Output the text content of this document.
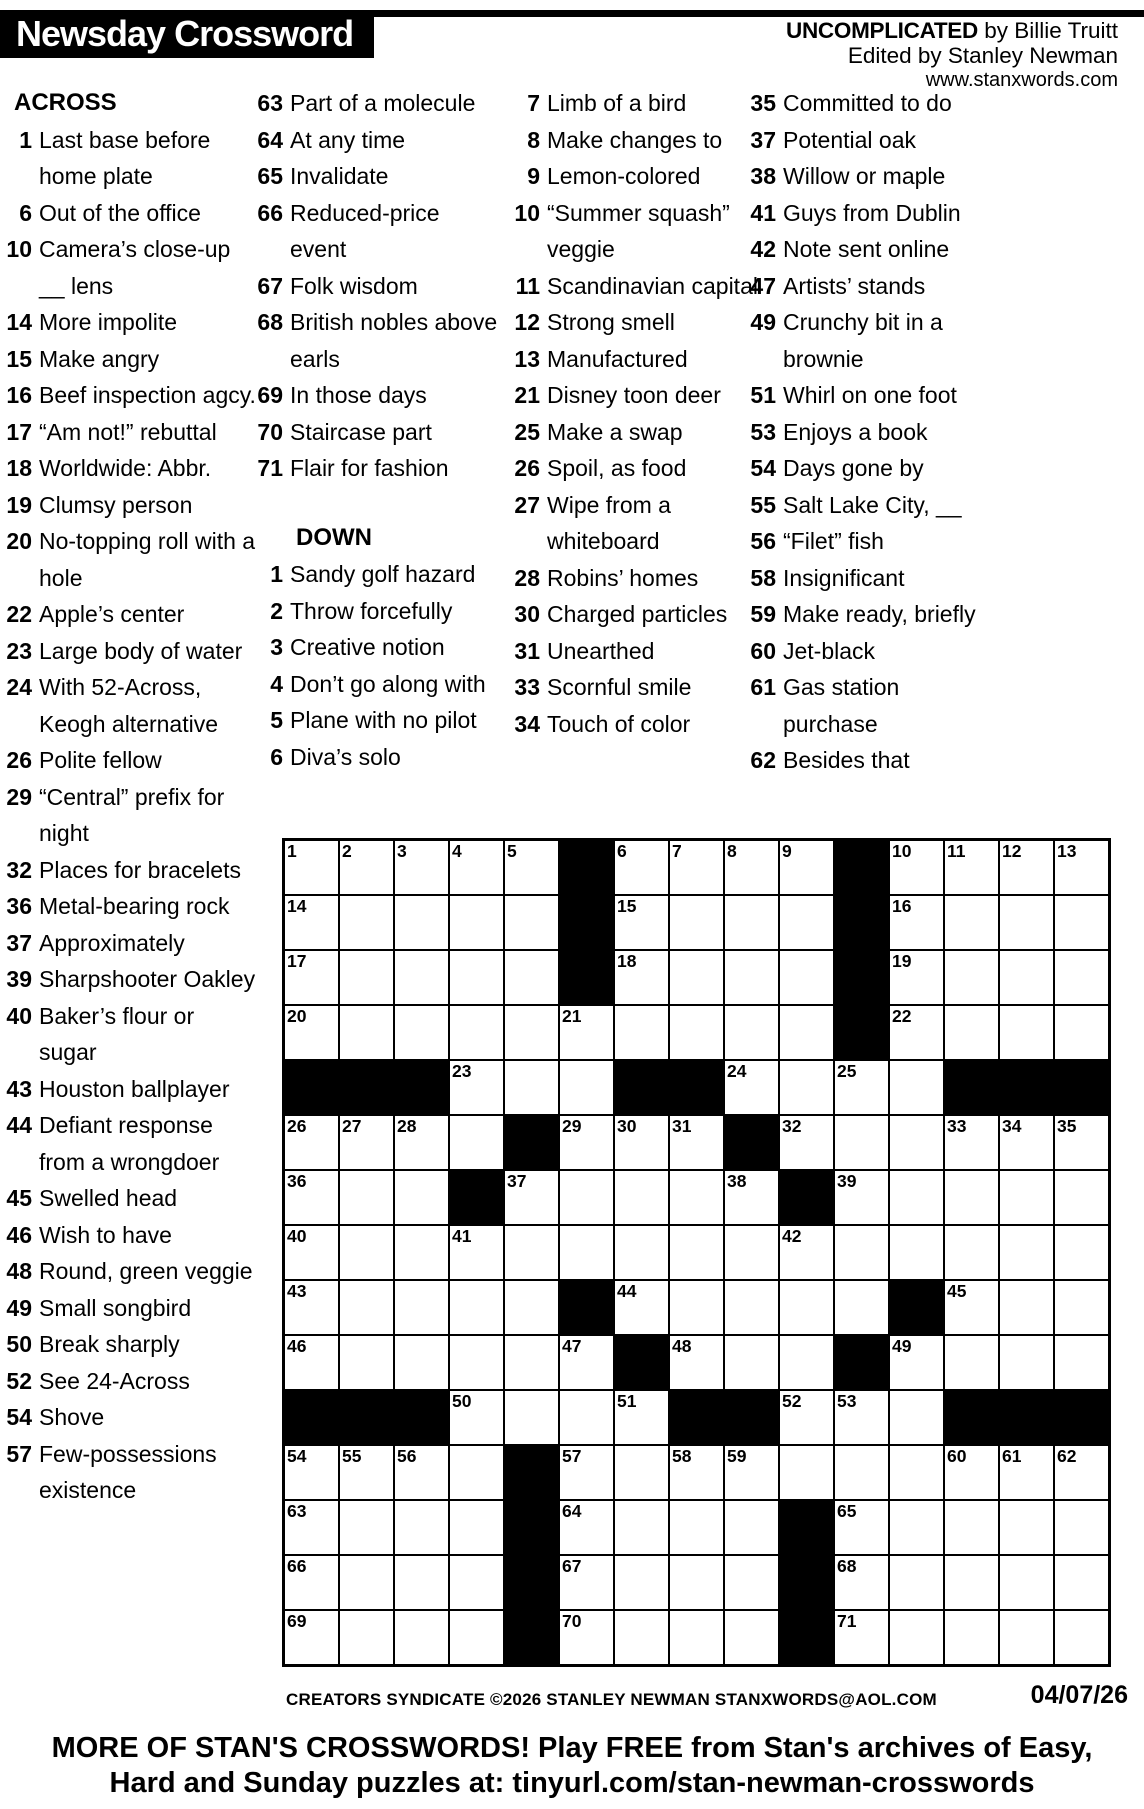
Newsday Crossword	UNCOMPLICATED by Billie Truitt
Edited by Stanley Newman
www.stanxwords.com
ACROSS
1 Last base before home plate
6 Out of the office
10 Camera’s close-up __ lens
14 More impolite
15 Make angry
16 Beef inspection agcy.
17 “Am not!” rebuttal
18 Worldwide: Abbr.
19 Clumsy person
20 No-topping roll with a hole
22 Apple’s center
23 Large body of water
24 With 52-Across, Keogh alternative
26 Polite fellow
29 “Central” prefix for night
32 Places for bracelets
36 Metal-bearing rock
37 Approximately
39 Sharpshooter Oakley
40 Baker’s flour or sugar
43 Houston ballplayer
44 Defiant response from a wrongdoer
45 Swelled head
46 Wish to have
48 Round, green veggie
49 Small songbird
50 Break sharply
52 See 24-Across
54 Shove
57 Few-possessions existence
63 Part of a molecule
64 At any time
65 Invalidate
66 Reduced-price event
67 Folk wisdom
68 British nobles above earls
69 In those days
70 Staircase part
71 Flair for fashion
DOWN
1 Sandy golf hazard
2 Throw forcefully
3 Creative notion
4 Don’t go along with
5 Plane with no pilot
6 Diva’s solo
7 Limb of a bird
8 Make changes to
9 Lemon-colored
10 “Summer squash” veggie
11 Scandinavian capital
12 Strong smell
13 Manufactured
21 Disney toon deer
25 Make a swap
26 Spoil, as food
27 Wipe from a whiteboard
28 Robins’ homes
30 Charged particles
31 Unearthed
33 Scornful smile
34 Touch of color
35 Committed to do
37 Potential oak
38 Willow or maple
41 Guys from Dublin
42 Note sent online
47 Artists’ stands
49 Crunchy bit in a brownie
51 Whirl on one foot
53 Enjoys a book
54 Days gone by
55 Salt Lake City, __
56 “Filet” fish
58 Insignificant
59 Make ready, briefly
60 Jet-black
61 Gas station purchase
62 Besides that
1	2	3	4	5	6	7	8	9	10 11 12 13
14	15	16
17	18	19
20	21	22
23	24	25
26 27 28	29 30 31	32	33 34 35
36	37	38	39
40	41	42
43	44	45
46	47	48	49
50	51	52 53
54 55 56	57	58 59	60 61 62
63	64	65
66	67	68
69	70	71
CREATORS SYNDICATE ©2026 STANLEY NEWMAN STANXWORDS@AOL.COM	04/07/26
MORE OF STAN'S CROSSWORDS! Play FREE from Stan's archives of Easy,
Hard and Sunday puzzles at: tinyurl.com/stan-newman-crosswords
